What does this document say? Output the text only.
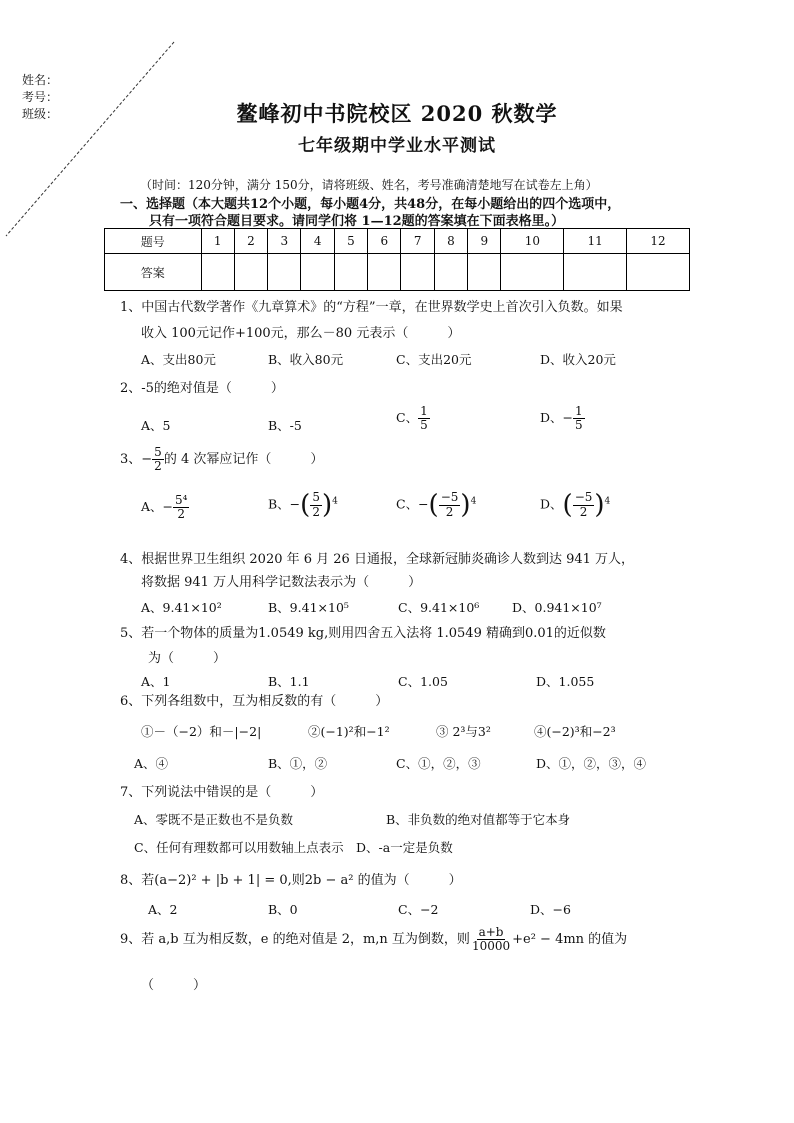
姓名：
考号：
班级：	鳌峰初中书院校区 2020 秋数学
七年级期中学业水平测试
（时间：120分钟，满分 150分，请将班级、姓名，考号准确清楚地写在试卷左上角）
一、选择题（本大题共12个小题，每小题4分，共48分，在每小题给出的四个选项中，
只有一项符合题目要求。请同学们将 1—12题的答案填在下面表格里。）
题号	1	2	3	4	5	6	7	8	9	10	11	12
答案												
1、中国古代数学著作《九章算术》的“方程”一章，在世界数学史上首次引入负数。如果
收入 100元记作+100元，那么－80 元表示（　　　）
A、支出80元	B、收入80元	C、支出20元	D、收入20元
2、-5的绝对值是（　　　）
A、5	B、-5
C、 $\frac{1}{5}$	D、− $\frac{1}{5}$
3、− $\frac{5}{2}$ 的 4 次幂应记作（　　　）
A、− $\frac{\text{5⁴}}{2}$	B、−( $\frac{5}{2} )^4$	C、−( $\frac{-5}{2} )^4$	D、( $\frac{-5}{2} )^4$
4、根据世界卫生组织 2020 年 6 月 26 日通报，全球新冠肺炎确诊人数到达 941 万人，
将数据 941 万人用科学记数法表示为（　　　）
A、9.41×10²	B、9.41×10⁵	C、9.41×10⁶	D、0.941×10⁷
5、若一个物体的质量为1.0549 kg,则用四舍五入法将 1.0549 精确到0.01的近似数
为（　　　）
A、1	B、1.1	C、1.05	D、1.055
6、下列各组数中，互为相反数的有（　　　）
①－（−2）和－|−2|	②(−1)²和−1²	③ 2³与3²	④(−2)³和−2³
A、④	B、①，②	C、①，②，③	D、①，②，③，④
7、下列说法中错误的是（　　　）
A、零既不是正数也不是负数	B、非负数的绝对值都等于它本身
C、任何有理数都可以用数轴上点表示 D、-a一定是负数
8、若(a−2)² + |b + 1| = 0,则2b − a² 的值为（　　　）
A、2	B、0	C、−2	D、−6
9、若 a,b 互为相反数，e 的绝对值是 2，m,n 互为倒数，则 $\frac{a+b}{10000} +e^2 - 4mn$ 的值为
（　　　）
